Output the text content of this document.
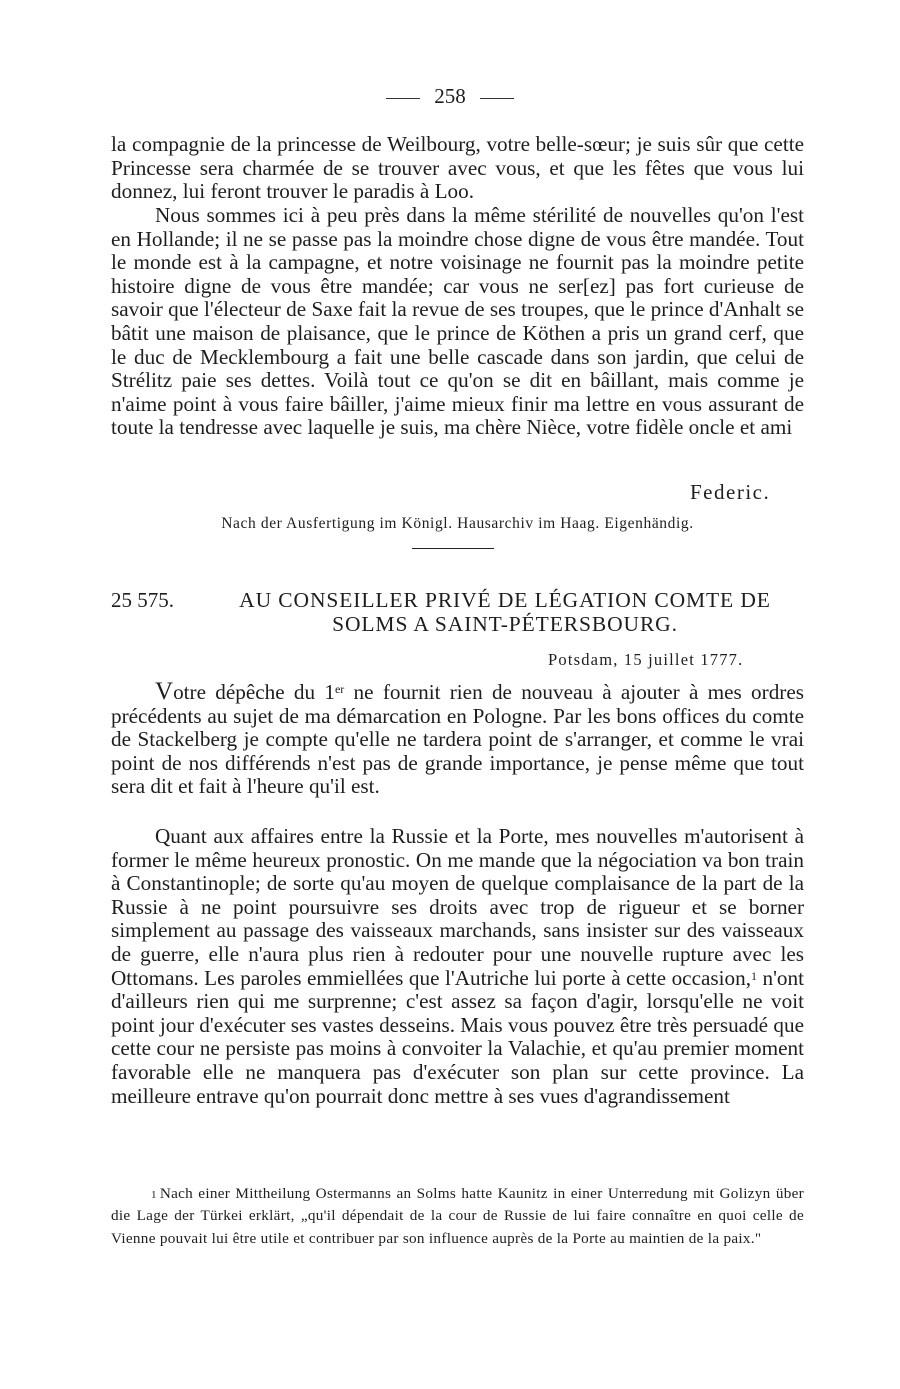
258

la compagnie de la princesse de Weilbourg, votre belle-sœur; je suis sûr que cette Princesse sera charmée de se trouver avec vous, et que les fêtes que vous lui donnez, lui feront trouver le paradis à Loo.

Nous sommes ici à peu près dans la même stérilité de nouvelles qu'on l'est en Hollande; il ne se passe pas la moindre chose digne de vous être mandée. Tout le monde est à la campagne, et notre voisinage ne fournit pas la moindre petite histoire digne de vous être mandée; car vous ne ser[ez] pas fort curieuse de savoir que l'électeur de Saxe fait la revue de ses troupes, que le prince d'Anhalt se bâtit une maison de plaisance, que le prince de Köthen a pris un grand cerf, que le duc de Mecklembourg a fait une belle cascade dans son jardin, que celui de Strélitz paie ses dettes. Voilà tout ce qu'on se dit en bâillant, mais comme je n'aime point à vous faire bâiller, j'aime mieux finir ma lettre en vous assurant de toute la tendresse avec laquelle je suis, ma chère Nièce, votre fidèle oncle et ami

Federic.
Nach der Ausfertigung im Königl. Hausarchiv im Haag. Eigenhändig.
25 575.	AU CONSEILLER PRIVÉ DE LÉGATION COMTE DE SOLMS A SAINT-PÉTERSBOURG.
Potsdam, 15 juillet 1777.

Votre dépêche du 1er ne fournit rien de nouveau à ajouter à mes ordres précédents au sujet de ma démarcation en Pologne. Par les bons offices du comte de Stackelberg je compte qu'elle ne tardera point de s'arranger, et comme le vrai point de nos différends n'est pas de grande importance, je pense même que tout sera dit et fait à l'heure qu'il est.

Quant aux affaires entre la Russie et la Porte, mes nouvelles m'autorisent à former le même heureux pronostic. On me mande que la négociation va bon train à Constantinople; de sorte qu'au moyen de quelque complaisance de la part de la Russie à ne point poursuivre ses droits avec trop de rigueur et se borner simplement au passage des vaisseaux marchands, sans insister sur des vaisseaux de guerre, elle n'aura plus rien à redouter pour une nouvelle rupture avec les Ottomans. Les paroles emmiellées que l'Autriche lui porte à cette occasion,$^1$ n'ont d'ailleurs rien qui me surprenne; c'est assez sa façon d'agir, lorsqu'elle ne voit point jour d'exécuter ses vastes desseins. Mais vous pouvez être très persuadé que cette cour ne persiste pas moins à convoiter la Valachie, et qu'au premier moment favorable elle ne manquera pas d'exécuter son plan sur cette province. La meilleure entrave qu'on pourrait donc mettre à ses vues d'agrandissement

$^1$ Nach einer Mittheilung Ostermanns an Solms hatte Kaunitz in einer Unterredung mit Golizyn über die Lage der Türkei erklärt, „qu'il dépendait de la cour de Russie de lui faire connaître en quoi celle de Vienne pouvait lui être utile et contribuer par son influence auprès de la Porte au maintien de la paix."
